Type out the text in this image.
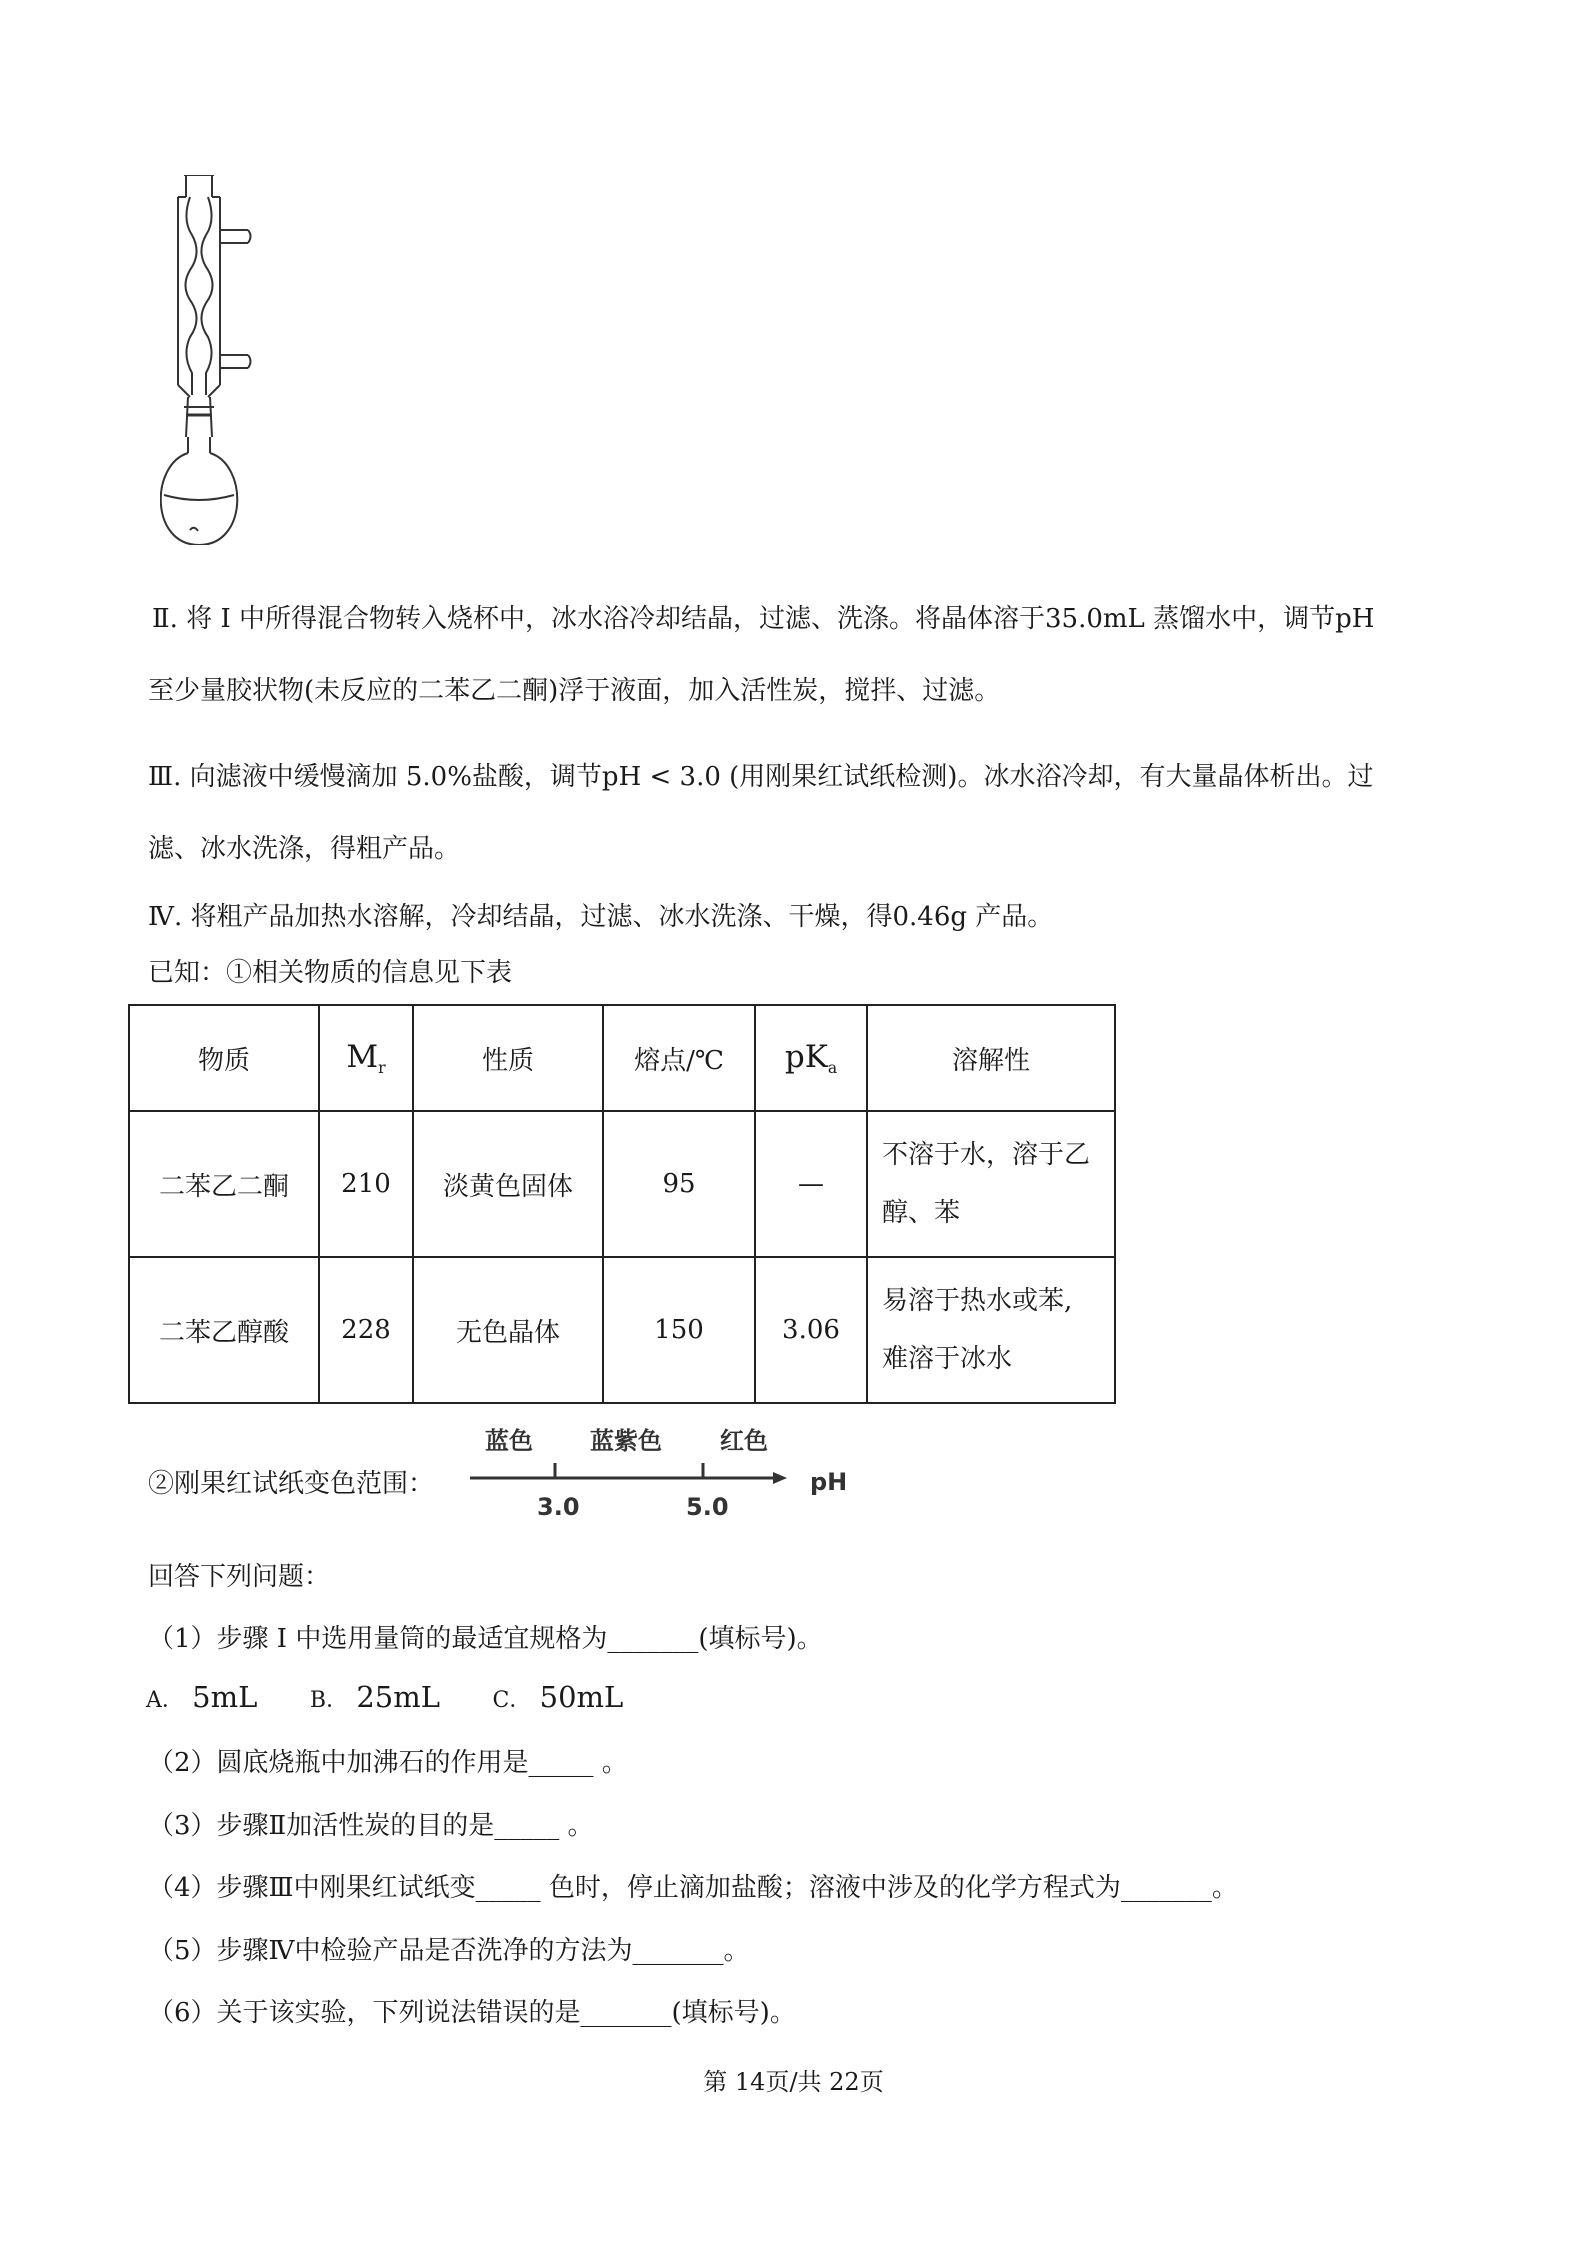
Ⅱ. 将 Ⅰ 中所得混合物转入烧杯中，冰水浴冷却结晶，过滤、洗涤。将晶体溶于35.0mL 蒸馏水中，调节pH
至少量胶状物(未反应的二苯乙二酮)浮于液面，加入活性炭，搅拌、过滤。
Ⅲ. 向滤液中缓慢滴加 5.0%盐酸，调节pH < 3.0 (用刚果红试纸检测)。冰水浴冷却，有大量晶体析出。过
滤、冰水洗涤，得粗产品。
Ⅳ. 将粗产品加热水溶解，冷却结晶，过滤、冰水洗涤、干燥，得0.46g 产品。
已知：①相关物质的信息见下表
物质	$M_r$	性质	熔点/℃	$pK_a$	溶解性
二苯乙二酮	210	淡黄色固体	95	—	不溶于水，溶于乙
醇、苯

二苯乙醇酸	228	无色晶体	150	3.06	易溶于热水或苯,
难溶于冰水
②刚果红试纸变色范围：
蓝色 蓝紫色 红色
3.0	5.0
pH
回答下列问题：
（1）步骤 Ⅰ 中选用量筒的最适宜规格为_______(填标号)。
A． 5mL B． 25mL C． 50mL
（2）圆底烧瓶中加沸石的作用是_____ 。
（3）步骤Ⅱ加活性炭的目的是_____ 。
（4）步骤Ⅲ中刚果红试纸变_____ 色时，停止滴加盐酸；溶液中涉及的化学方程式为_______。
（5）步骤Ⅳ中检验产品是否洗净的方法为_______。
（6）关于该实验，下列说法错误的是_______(填标号)。
第 14页/共 22页
